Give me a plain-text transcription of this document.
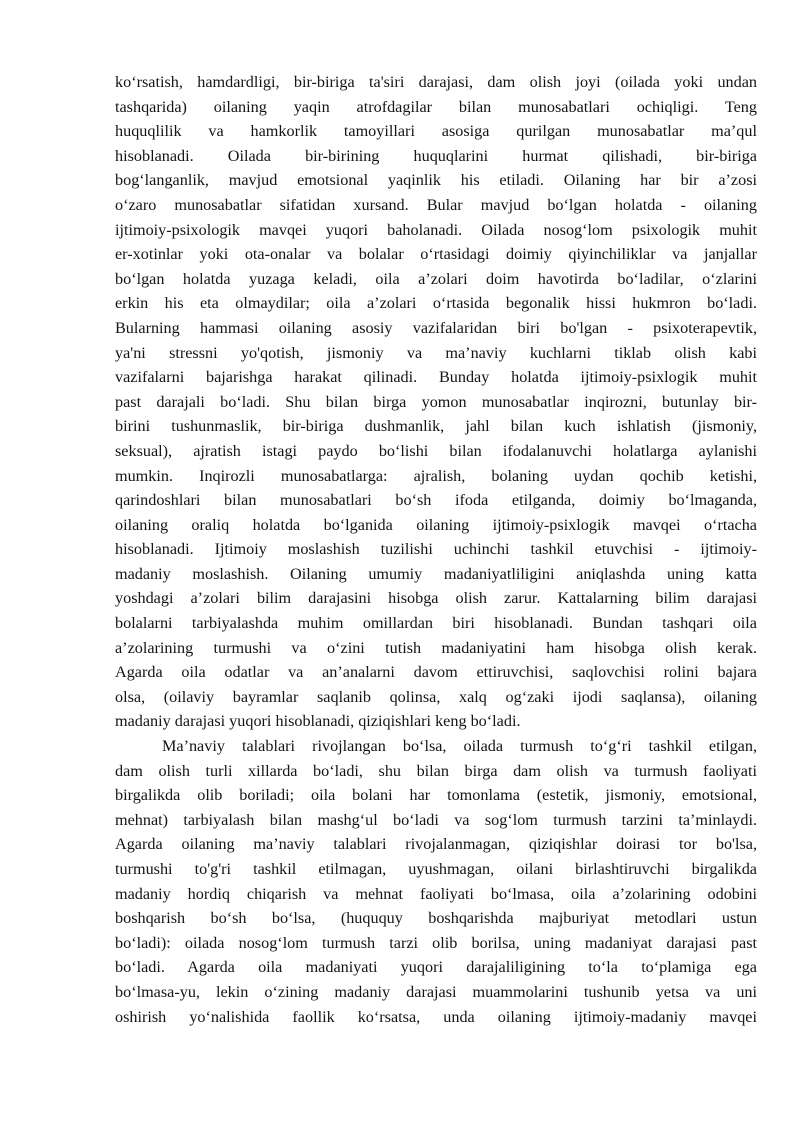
ko‘rsatish, hamdardligi, bir-biriga ta'siri darajasi, dam olish joyi (oilada yoki undan
tashqarida) oilaning yaqin atrofdagilar bilan munosabatlari ochiqligi. Teng
huquqlilik va hamkorlik tamoyillari asosiga qurilgan munosabatlar ma’qul
hisoblanadi. Oilada bir-birining huquqlarini hurmat qilishadi, bir-biriga
bog‘langanlik, mavjud emotsional yaqinlik his etiladi. Oilaning har bir a’zosi
o‘zaro munosabatlar sifatidan xursand. Bular mavjud bo‘lgan holatda - oilaning
ijtimoiy-psixologik mavqei yuqori baholanadi. Oilada nosog‘lom psixologik muhit
er-xotinlar yoki ota-onalar va bolalar o‘rtasidagi doimiy qiyinchiliklar va janjallar
bo‘lgan holatda yuzaga keladi, oila a’zolari doim havotirda bo‘ladilar, o‘zlarini
erkin his eta olmaydilar; oila a’zolari o‘rtasida begonalik hissi hukmron bo‘ladi.
Bularning hammasi oilaning asosiy vazifalaridan biri bo'lgan - psixoterapevtik,
ya'ni stressni yo'qotish, jismoniy va ma’naviy kuchlarni tiklab olish kabi
vazifalarni bajarishga harakat qilinadi. Bunday holatda ijtimoiy-psixlogik muhit
past darajali bo‘ladi. Shu bilan birga yomon munosabatlar inqirozni, butunlay bir-
birini tushunmaslik, bir-biriga dushmanlik, jahl bilan kuch ishlatish (jismoniy,
seksual), ajratish istagi paydo bo‘lishi bilan ifodalanuvchi holatlarga aylanishi
mumkin. Inqirozli munosabatlarga: ajralish, bolaning uydan qochib ketishi,
qarindoshlari bilan munosabatlari bo‘sh ifoda etilganda, doimiy bo‘lmaganda,
oilaning oraliq holatda bo‘lganida oilaning ijtimoiy-psixlogik mavqei o‘rtacha
hisoblanadi. Ijtimoiy moslashish tuzilishi uchinchi tashkil etuvchisi - ijtimoiy-
madaniy moslashish. Oilaning umumiy madaniyatliligini aniqlashda uning katta
yoshdagi a’zolari bilim darajasini hisobga olish zarur. Kattalarning bilim darajasi
bolalarni tarbiyalashda muhim omillardan biri hisoblanadi. Bundan tashqari oila
a’zolarining turmushi va o‘zini tutish madaniyatini ham hisobga olish kerak.
Agarda oila odatlar va an’analarni davom ettiruvchisi, saqlovchisi rolini bajara
olsa, (oilaviy bayramlar saqlanib qolinsa, xalq og‘zaki ijodi saqlansa), oilaning
madaniy darajasi yuqori hisoblanadi, qiziqishlari keng bo‘ladi.
Ma’naviy talablari rivojlangan bo‘lsa, oilada turmush to‘g‘ri tashkil etilgan,
dam olish turli xillarda bo‘ladi, shu bilan birga dam olish va turmush faoliyati
birgalikda olib boriladi; oila bolani har tomonlama (estetik, jismoniy, emotsional,
mehnat) tarbiyalash bilan mashg‘ul bo‘ladi va sog‘lom turmush tarzini ta’minlaydi.
Agarda oilaning ma’naviy talablari rivojalanmagan, qiziqishlar doirasi tor bo'lsa,
turmushi to'g'ri tashkil etilmagan, uyushmagan, oilani birlashtiruvchi birgalikda
madaniy hordiq chiqarish va mehnat faoliyati bo‘lmasa, oila a’zolarining odobini
boshqarish bo‘sh bo‘lsa, (huququy boshqarishda majburiyat metodlari ustun
bo‘ladi): oilada nosog‘lom turmush tarzi olib borilsa, uning madaniyat darajasi past
bo‘ladi. Agarda oila madaniyati yuqori darajaliligining to‘la to‘plamiga ega
bo‘lmasa-yu, lekin o‘zining madaniy darajasi muammolarini tushunib yetsa va uni
oshirish yo‘nalishida faollik ko‘rsatsa, unda oilaning ijtimoiy-madaniy mavqei
